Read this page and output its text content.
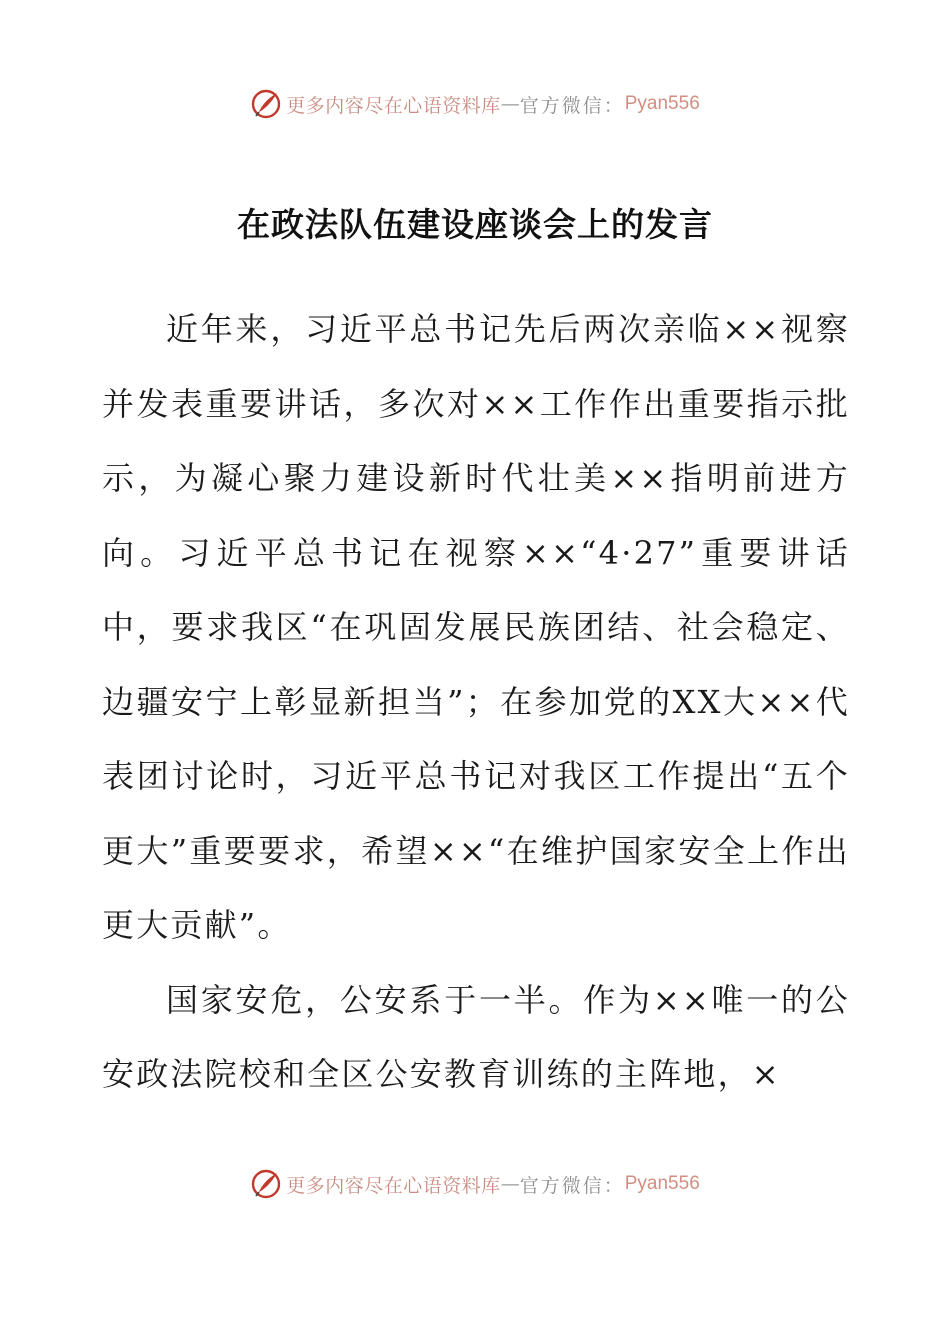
更多内容尽在心语资料库 — 官方微信： Pyan556
在政法队伍建设座谈会上的发言

近年来，习近平总书记先后两次亲临××视察并发表重要讲话，多次对××工作作出重要指示批示，为凝心聚力建设新时代壮美××指明前进方向。习近平总书记在视察××“4·27”重要讲话中，要求我区“在巩固发展民族团结、社会稳定、边疆安宁上彰显新担当”；在参加党的XX大××代表团讨论时，习近平总书记对我区工作提出“五个更大”重要要求，希望××“在维护国家安全上作出更大贡献”。

国家安危，公安系于一半。作为××唯一的公安政法院校和全区公安教育训练的主阵地，×

更多内容尽在心语资料库 — 官方微信： Pyan556
